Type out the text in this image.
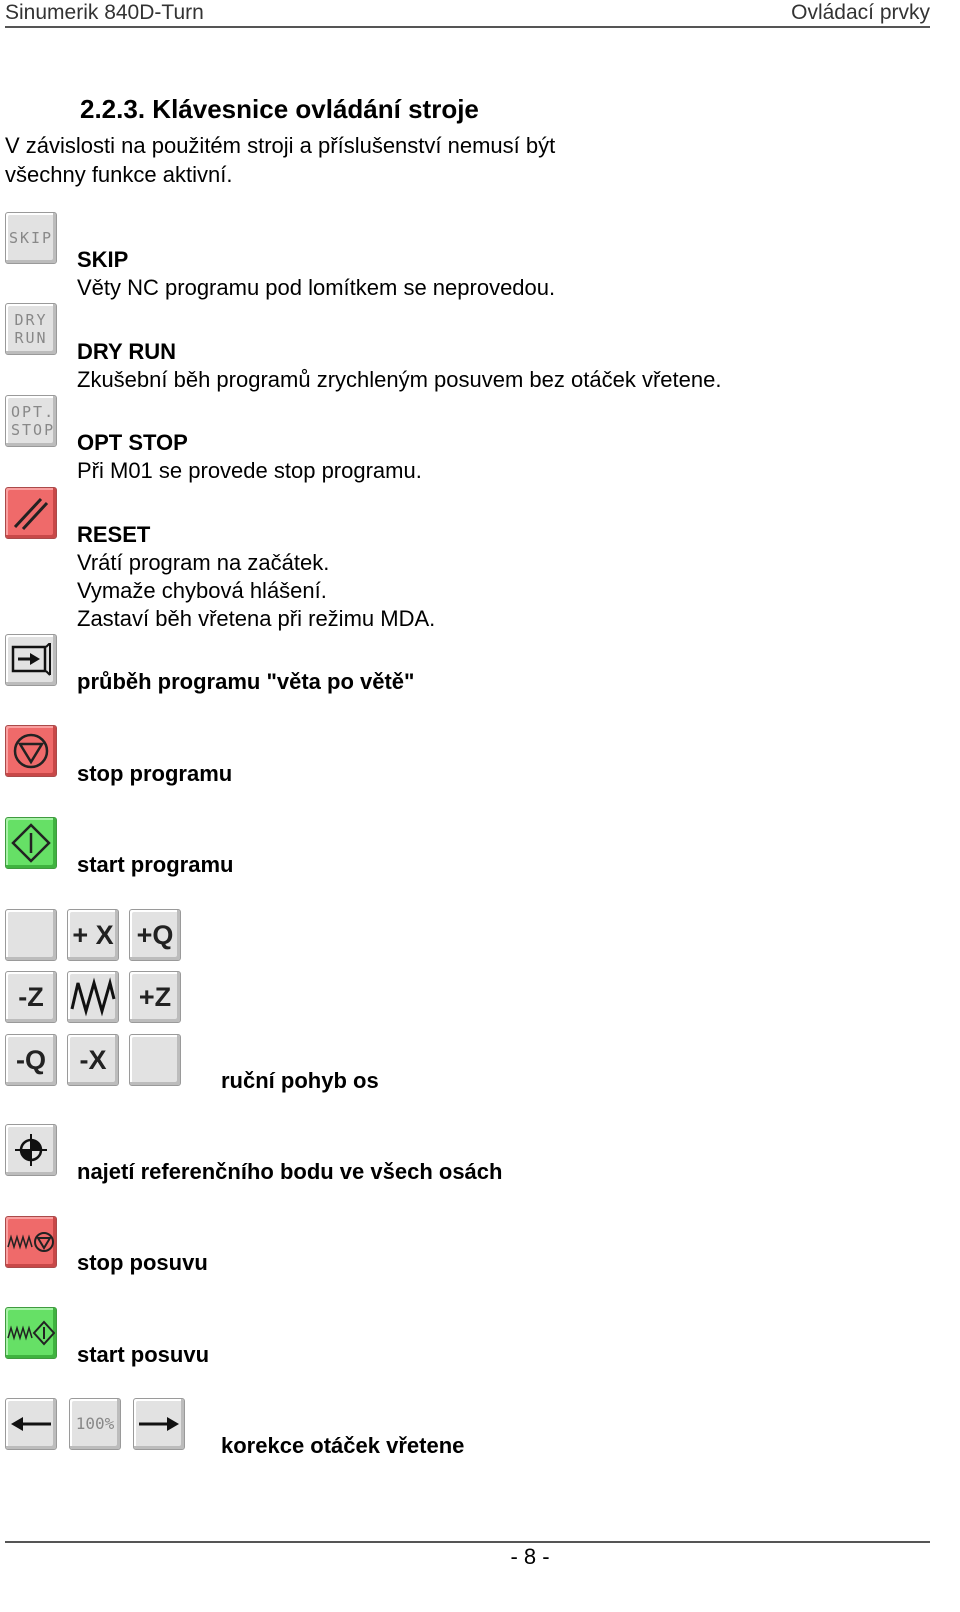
Sinumerik 840D-Turn	Ovládací prvky
2.2.3. Klávesnice ovládání stroje
V závislosti na použitém stroji a příslušenství nemusí být všechny funkce aktivní.
SKIP
SKIP
Věty NC programu pod lomítkem se neprovedou.
DRY RUN
DRY RUN
Zkušební běh programů zrychleným posuvem bez otáček vřetene.
OPT. STOP OPT STOP
Při M01 se provede stop programu.
RESET
Vrátí program na začátek.
Vymaže chybová hlášení.
Zastaví běh vřetena při režimu MDA.
průběh programu "věta po větě"
stop programu
start programu
+ X +Q
-Z	+Z
-Q -X
ruční pohyb os
najetí referenčního bodu ve všech osách
stop posuvu
start posuvu
100%
korekce otáček vřetene
- 8 -
